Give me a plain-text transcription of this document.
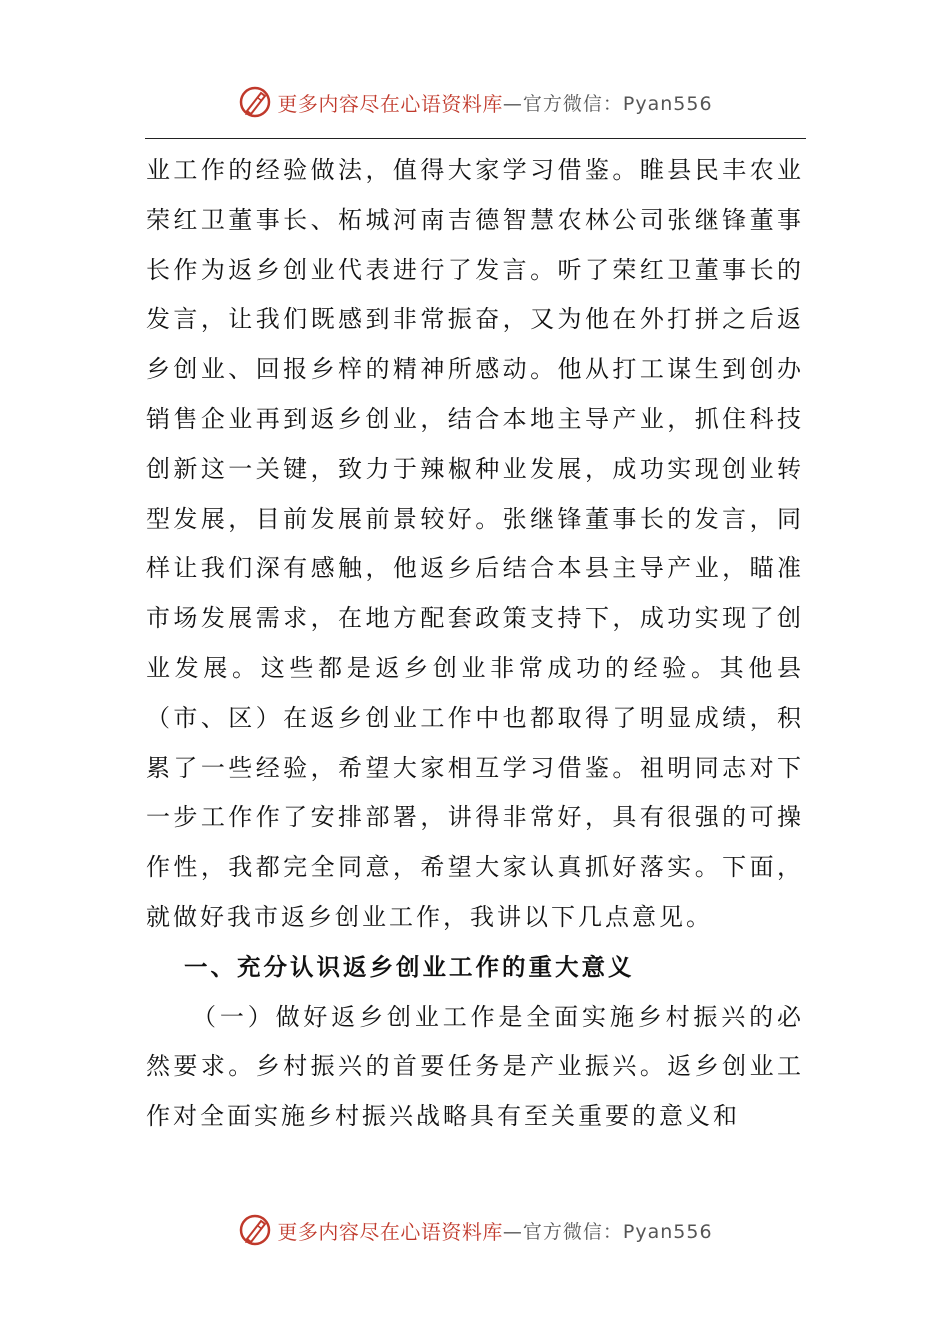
更多内容尽在心语资料库 —官方微信：Pyan556

业工作的经验做法，值得大家学习借鉴。睢县民丰农业荣红卫董事长、柘城河南吉德智慧农林公司张继锋董事长作为返乡创业代表进行了发言。听了荣红卫董事长的发言，让我们既感到非常振奋，又为他在外打拼之后返乡创业、回报乡梓的精神所感动。他从打工谋生到创办销售企业再到返乡创业，结合本地主导产业，抓住科技创新这一关键，致力于辣椒种业发展，成功实现创业转型发展，目前发展前景较好。张继锋董事长的发言，同样让我们深有感触，他返乡后结合本县主导产业，瞄准市场发展需求，在地方配套政策支持下，成功实现了创业发展。这些都是返乡创业非常成功的经验。其他县（市、区）在返乡创业工作中也都取得了明显成绩，积累了一些经验，希望大家相互学习借鉴。祖明同志对下一步工作作了安排部署，讲得非常好，具有很强的可操作性，我都完全同意，希望大家认真抓好落实。下面，就做好我市返乡创业工作，我讲以下几点意见。

一、充分认识返乡创业工作的重大意义

（一）做好返乡创业工作是全面实施乡村振兴的必然要求。乡村振兴的首要任务是产业振兴。返乡创业工作对全面实施乡村振兴战略具有至关重要的意义和

更多内容尽在心语资料库 —官方微信：Pyan556
